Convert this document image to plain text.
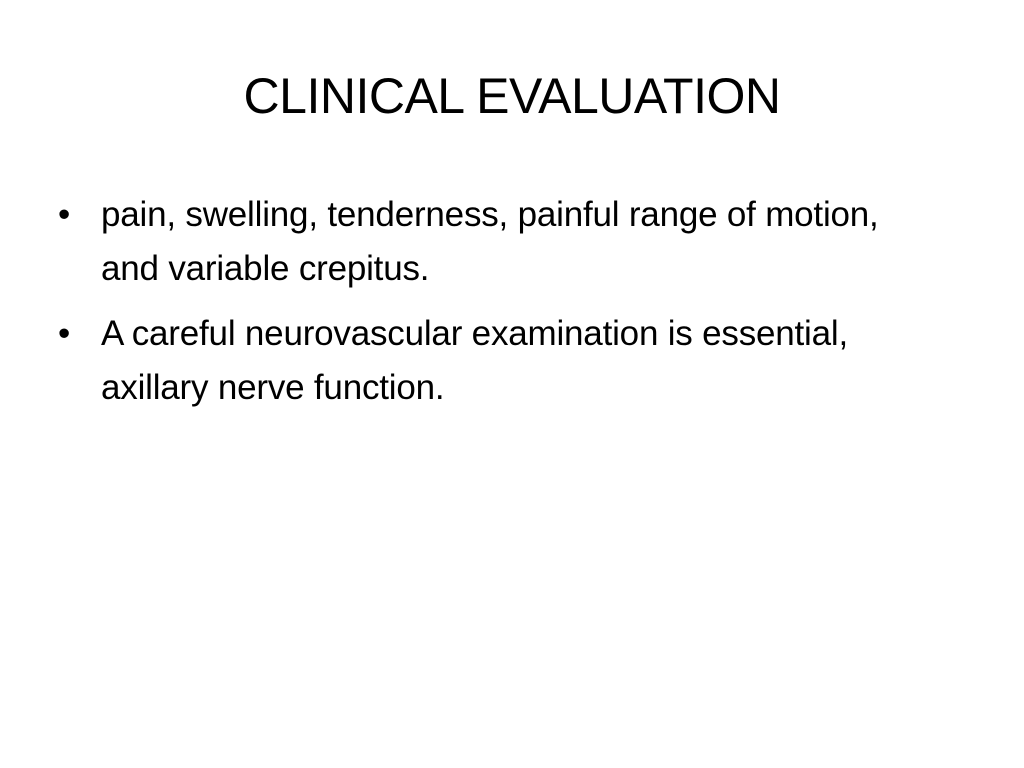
CLINICAL EVALUATION
• pain, swelling, tenderness, painful range of motion, and variable crepitus.
• A careful neurovascular examination is essential, axillary nerve function.
